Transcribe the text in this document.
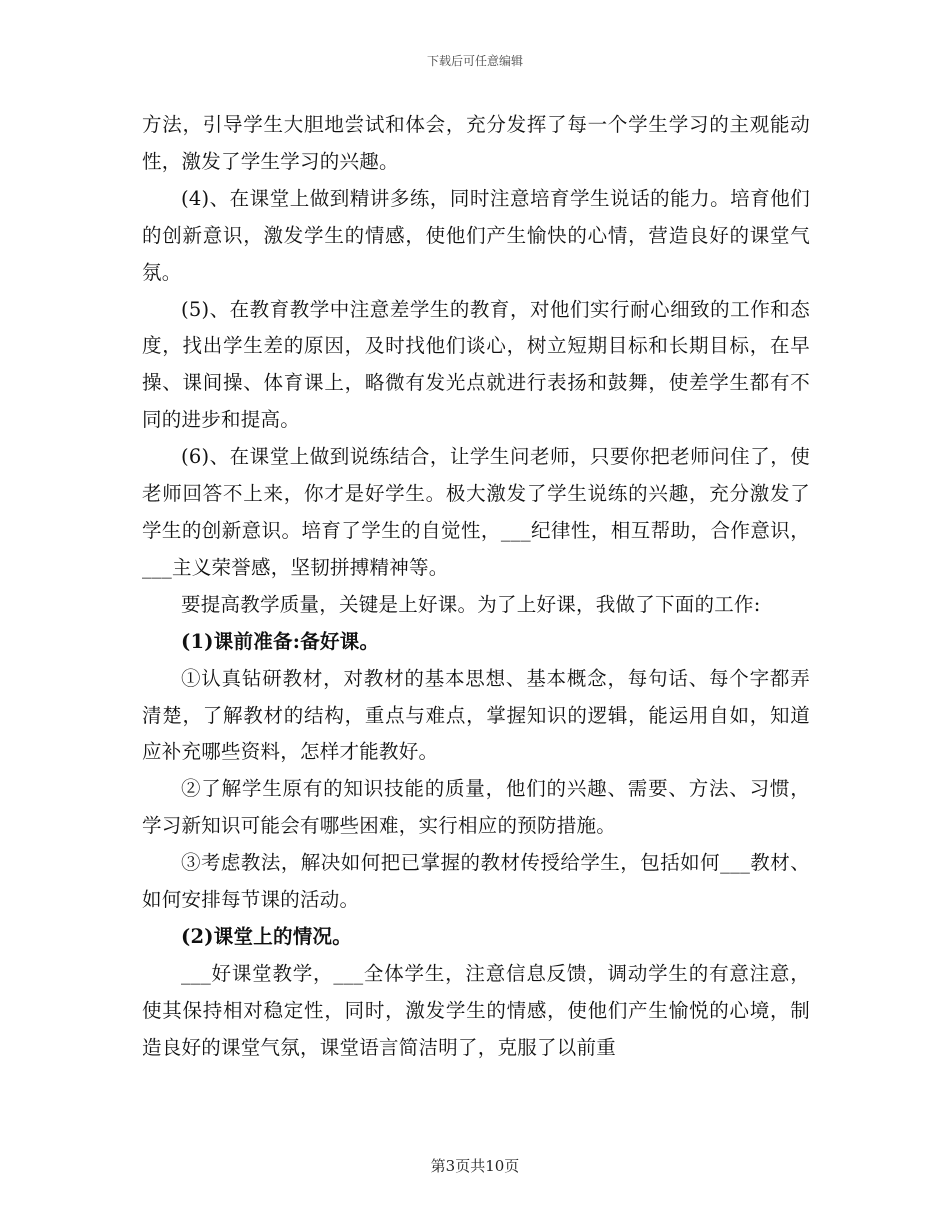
下载后可任意编辑

方法，引导学生大胆地尝试和体会，充分发挥了每一个学生学习的主观能动性，激发了学生学习的兴趣。

(4)、在课堂上做到精讲多练，同时注意培育学生说话的能力。培育他们的创新意识，激发学生的情感，使他们产生愉快的心情，营造良好的课堂气氛。

(5)、在教育教学中注意差学生的教育，对他们实行耐心细致的工作和态度，找出学生差的原因，及时找他们谈心，树立短期目标和长期目标，在早操、课间操、体育课上，略微有发光点就进行表扬和鼓舞，使差学生都有不同的进步和提高。

(6)、在课堂上做到说练结合，让学生问老师，只要你把老师问住了，使老师回答不上来，你才是好学生。极大激发了学生说练的兴趣，充分激发了学生的创新意识。培育了学生的自觉性，___纪律性，相互帮助，合作意识，___主义荣誉感，坚韧拼搏精神等。

要提高教学质量，关键是上好课。为了上好课，我做了下面的工作:

(1)课前准备:备好课。

①认真钻研教材，对教材的基本思想、基本概念，每句话、每个字都弄清楚，了解教材的结构，重点与难点，掌握知识的逻辑，能运用自如，知道应补充哪些资料，怎样才能教好。

②了解学生原有的知识技能的质量，他们的兴趣、需要、方法、习惯，学习新知识可能会有哪些困难，实行相应的预防措施。

③考虑教法，解决如何把已掌握的教材传授给学生，包括如何___教材、如何安排每节课的活动。

(2)课堂上的情况。

___好课堂教学，___全体学生，注意信息反馈，调动学生的有意注意，使其保持相对稳定性，同时，激发学生的情感，使他们产生愉悦的心境，制造良好的课堂气氛，课堂语言简洁明了，克服了以前重

第3页共10页
